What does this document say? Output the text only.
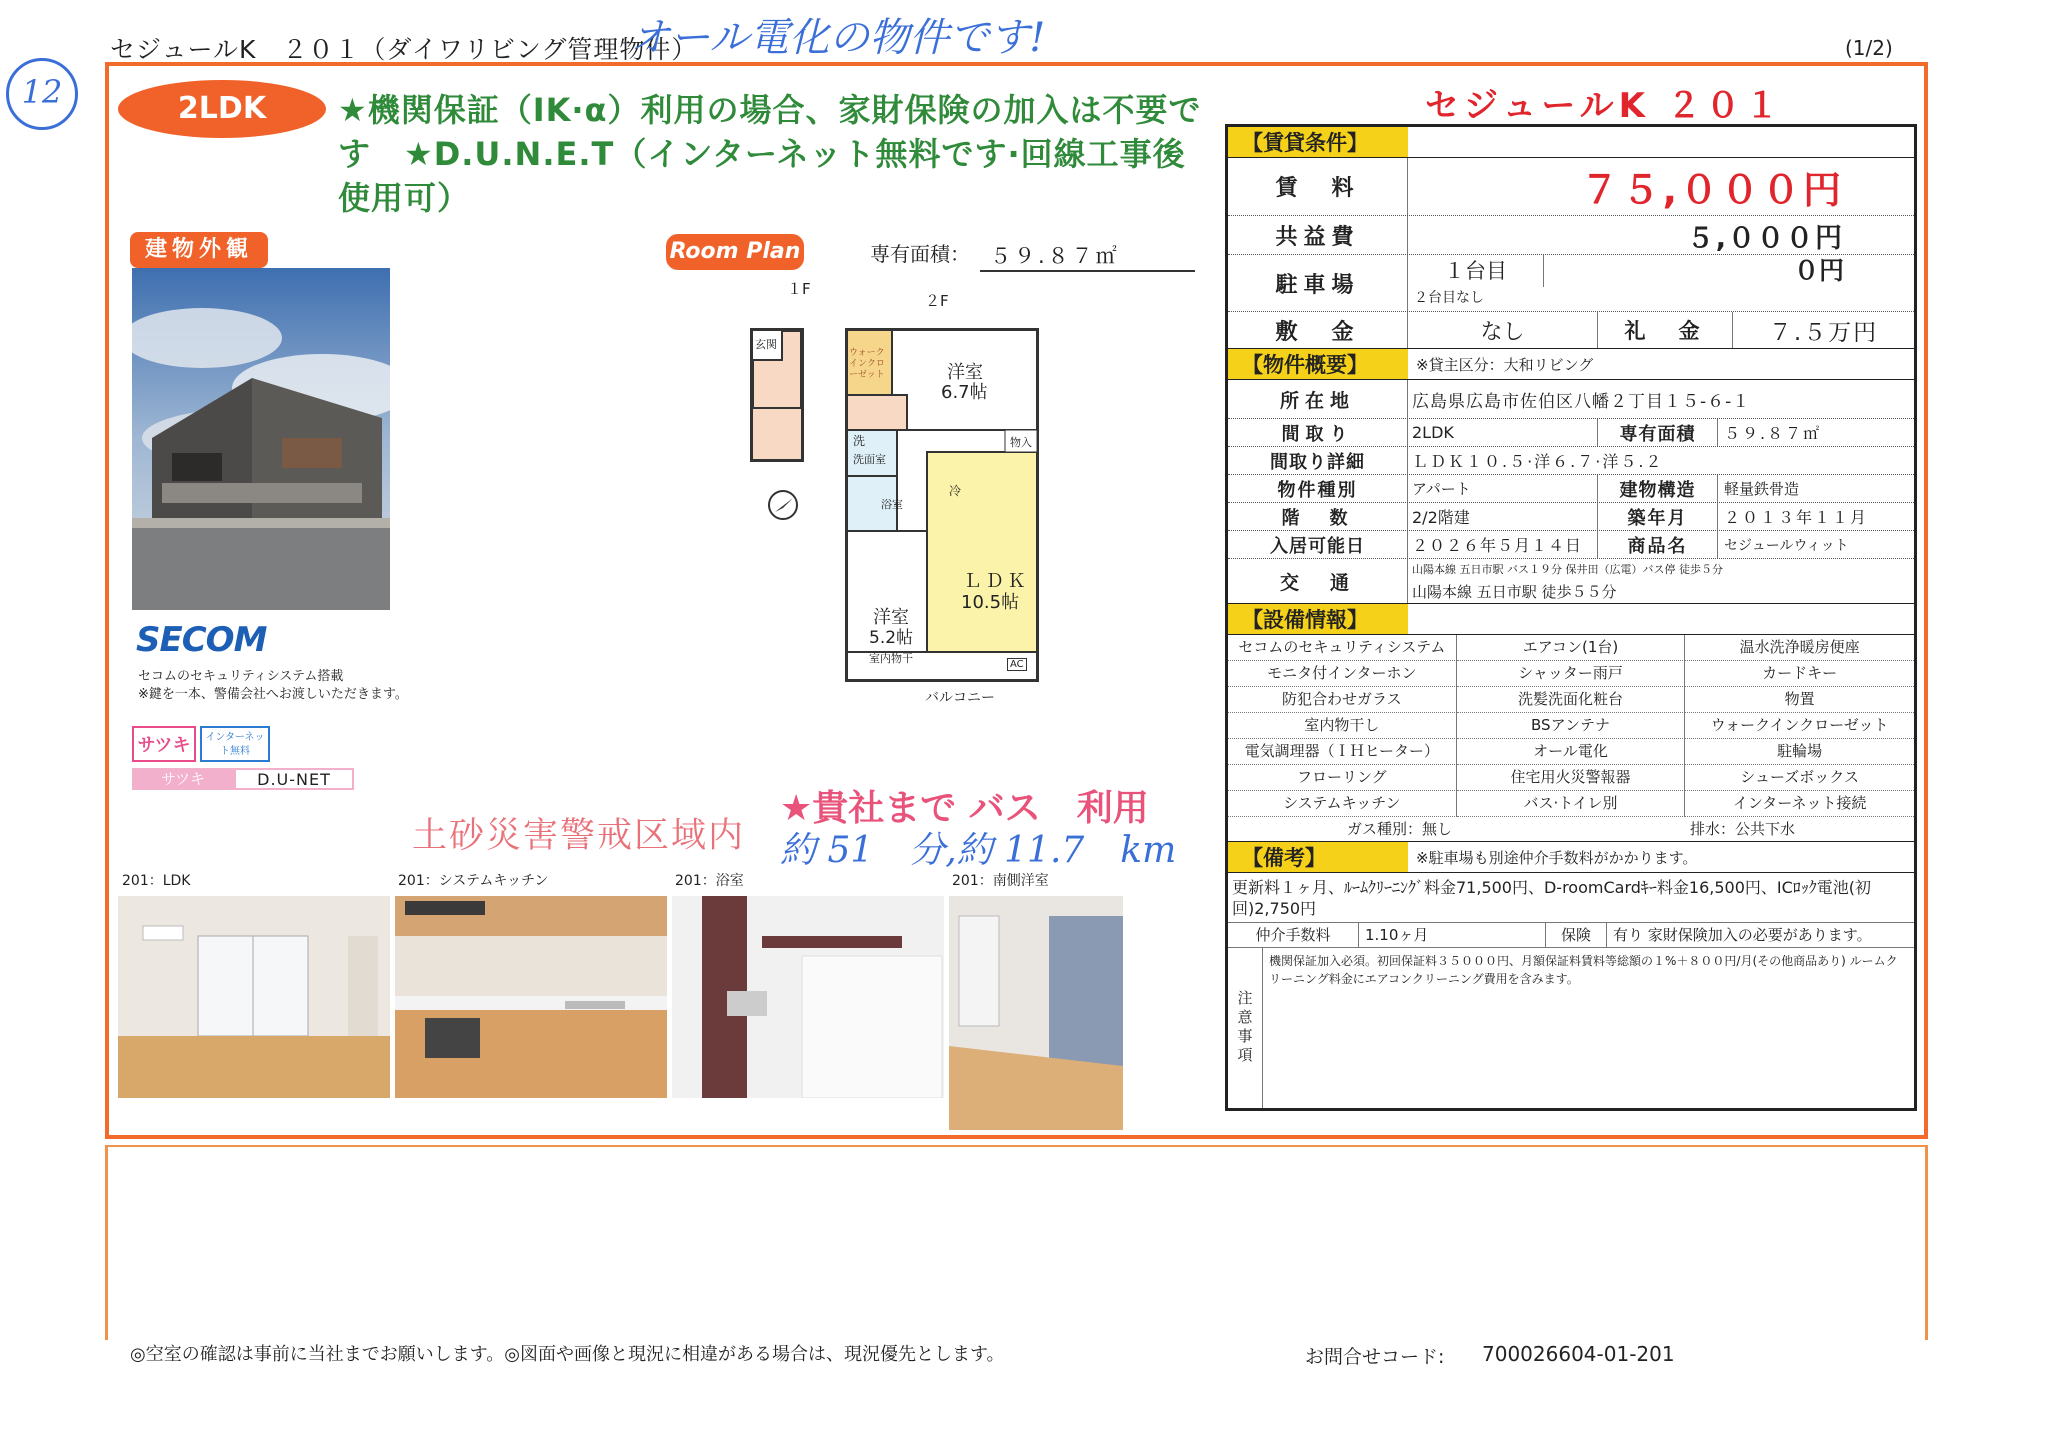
セジュールK　２０１（ダイワリビング管理物件）
オール電化の物件です!	(1/2)
12	2LDK	★機関保証（IK·α）利用の場合、家財保険の加入は不要です　★D.U.N.E.T（インターネット無料です·回線工事後使用可）
建物外観	Room Plan	専有面積： ５９.８７㎡
SECOM
セコムのセキュリティシステム搭載
※鍵を一本、警備会社へお渡しいただきます。
サツキ	インターネット無料
サツキ	D.U-NET
土砂災害警戒区域内
★貴社まで バス　利用
約 51　分,約 11.7　km
１F
２F
玄関
ウォークインクローゼット	洋室
6.7帖
物入
洗
洗面室
浴室
冷
ＬＤＫ
10.5帖
洋室
5.2帖
室内物干	AC
バルコニー
201：LDK	201：システムキッチン	201：浴室	201：南側洋室
セジュールK ２０１
【賃貸条件】
賃　料	７５,０００円
共益費	５,０００円
駐車場
１台目	０円
２台目なし
敷　金	なし	礼　金	７.５万円
【物件概要】	※貸主区分：大和リビング
所在地	広島県広島市佐伯区八幡２丁目１５-６-１
間取り	2LDK	専有面積	５９.８７㎡
間取り詳細	ＬＤＫ１０.５·洋６.７·洋５.２
物件種別	アパート	建物構造	軽量鉄骨造
階　数	2/2階建	築年月	２０１３年１１月
入居可能日	２０２６年５月１４日	商品名	セジュールウィット
交　通
山陽本線 五日市駅 バス１９分 保井田（広電）バス停 徒歩５分
山陽本線 五日市駅 徒歩５５分
【設備情報】
セコムのセキュリティシステム	エアコン(1台)	温水洗浄暖房便座
モニタ付インターホン	シャッター雨戸	カードキー
防犯合わせガラス	洗髪洗面化粧台	物置
室内物干し	BSアンテナ	ウォークインクローゼット
電気調理器（ＩＨヒーター）	オール電化	駐輪場
フローリング	住宅用火災警報器	シューズボックス
システムキッチン	バス·トイレ別	インターネット接続
ガス種別：無し	排水：公共下水
【備考】	※駐車場も別途仲介手数料がかかります。
更新料１ヶ月、ﾙｰﾑｸﾘｰﾆﾝｸﾞ料金71,500円、D-roomCardｷｰ料金16,500円、ICﾛｯｸ電池(初回)2,750円
仲介手数料	1.10ヶ月	保険	有り 家財保険加入の必要があります。
注意事項
機関保証加入必須。初回保証料３５０００円、月額保証料賃料等総額の１%＋８００円/月(その他商品あり) ルームクリーニング料金にエアコンクリーニング費用を含みます。
◎空室の確認は事前に当社までお願いします。◎図面や画像と現況に相違がある場合は、現況優先とします。	お問合せコード: 700026604-01-201
